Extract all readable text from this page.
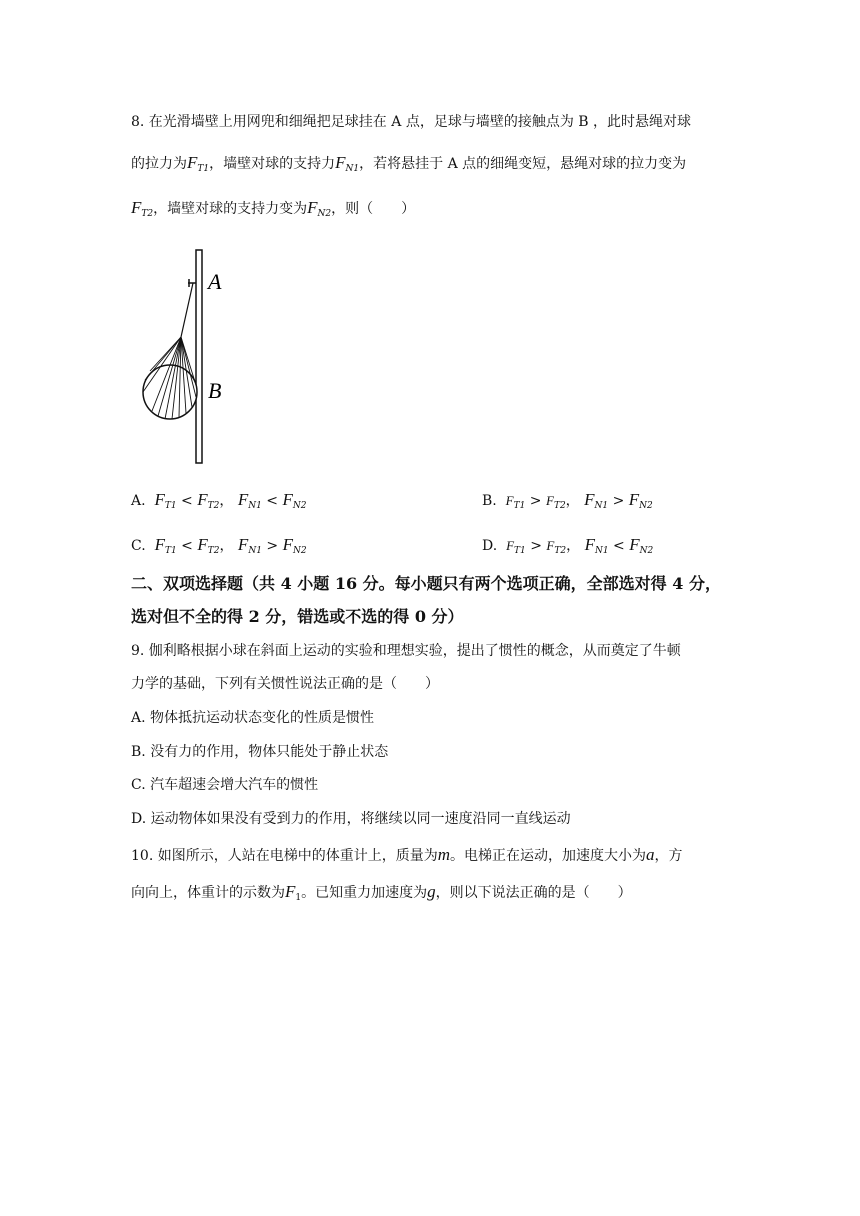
8. 在光滑墙壁上用网兜和细绳把足球挂在 A 点，足球与墙壁的接触点为 B ，此时悬绳对球
的拉力为$F_{T1}$，墙壁对球的支持力$F_{N1}$，若将悬挂于 A 点的细绳变短，悬绳对球的拉力变为
$F_{T2}$，墙壁对球的支持力变为$F_{N2}$，则（　　）
A
B
A. $F_{T1} < F_{T2}$， $F_{N1} < F_{N2}$	B. $F_{T1} > F_{T2}$， $F_{N1} > F_{N2}$
C. $F_{T1} < F_{T2}$， $F_{N1} > F_{N2}$	D. $F_{T1} > F_{T2}$， $F_{N1} < F_{N2}$
二、双项选择题（共 4 小题 16 分。每小题只有两个选项正确，全部选对得 4 分，
选对但不全的得 2 分，错选或不选的得 0 分）
9. 伽利略根据小球在斜面上运动的实验和理想实验，提出了惯性的概念，从而奠定了牛顿
力学的基础，下列有关惯性说法正确的是（　　）
A. 物体抵抗运动状态变化的性质是惯性
B. 没有力的作用，物体只能处于静止状态
C. 汽车超速会增大汽车的惯性
D. 运动物体如果没有受到力的作用，将继续以同一速度沿同一直线运动
10. 如图所示，人站在电梯中的体重计上，质量为m。电梯正在运动，加速度大小为a，方
向向上，体重计的示数为$F_1$。已知重力加速度为g，则以下说法正确的是（　　）
